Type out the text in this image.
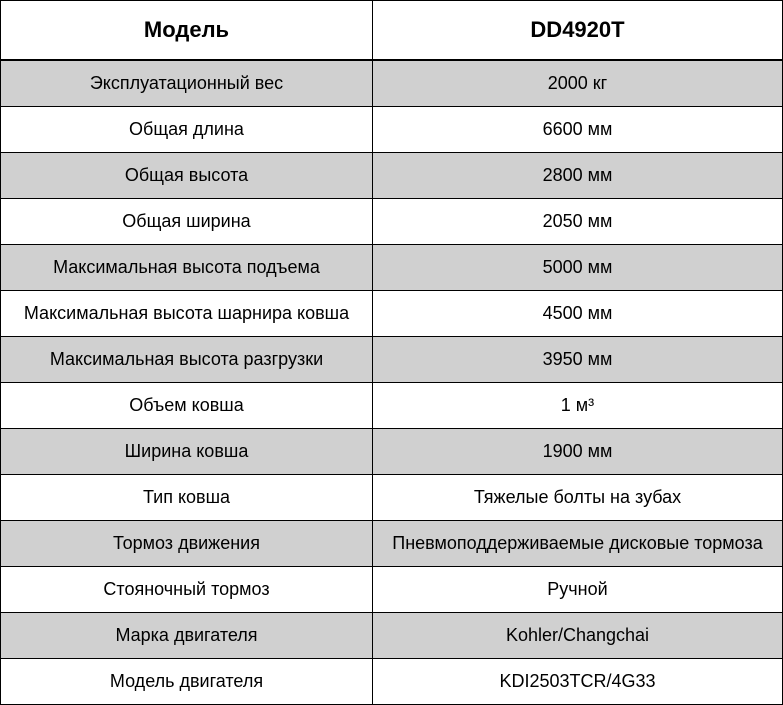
Модель	DD4920T
Эксплуатационный вес	2000 кг
Общая длина	6600 мм
Общая высота	2800 мм
Общая ширина	2050 мм
Максимальная высота подъема	5000 мм
Максимальная высота шарнира ковша	4500 мм
Максимальная высота разгрузки	3950 мм
Объем ковша	1 м³
Ширина ковша	1900 мм
Тип ковша	Тяжелые болты на зубах
Тормоз движения	Пневмоподдерживаемые дисковые тормоза
Стояночный тормоз	Ручной
Марка двигателя	Kohler/Changchai
Модель двигателя	KDI2503TCR/4G33
